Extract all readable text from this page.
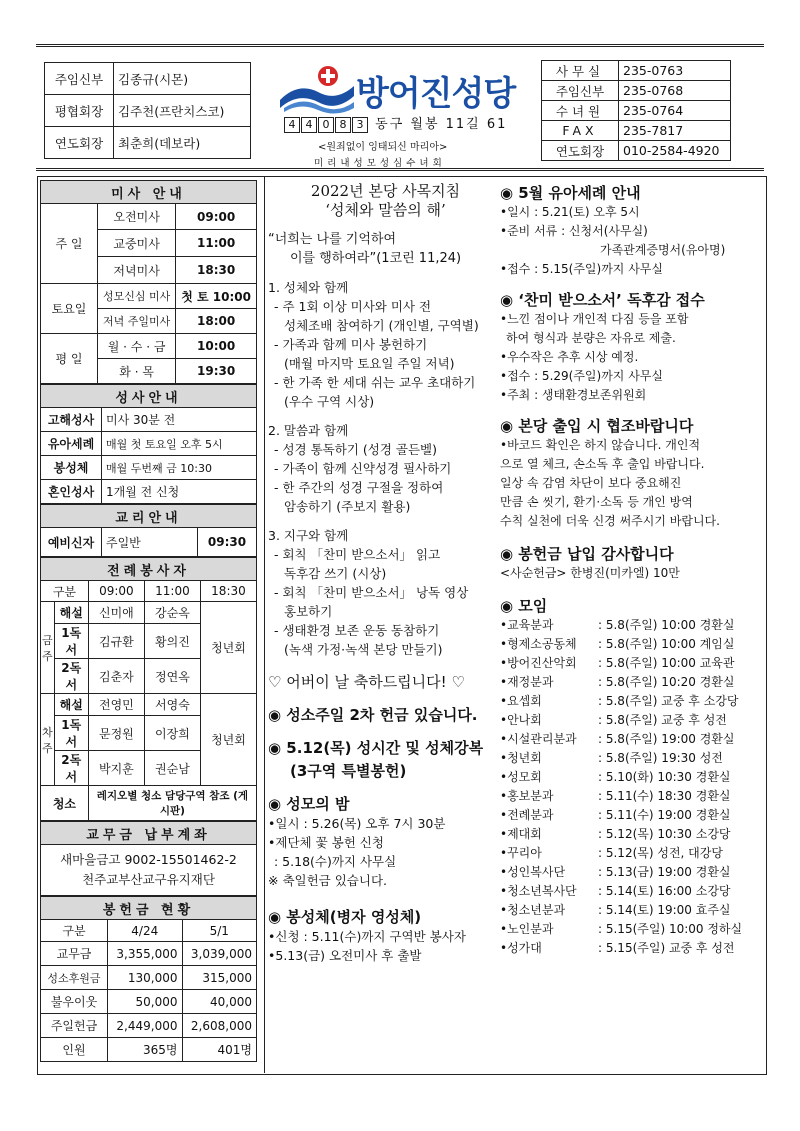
주임신부	김종규(시몬)
평협회장	김주천(프란치스코)
연도회장	최춘희(데보라)
방어진성당
4 4 0 8 3 동구 월봉 11길 61
<원죄없이 잉태되신 마리아>
미리내성모성심수녀회
사무실	235-0763
주임신부	235-0768
수녀원	235-0764
FAX	235-7817
연도회장	010-2584-4920
미사 안내		
주 일	오전미사	09:00
	교중미사	11:00
	저녁미사	18:30
토요일	성모신심 미사	첫 토 10:00
	저녁 주일미사	18:00
평 일	월 · 수 · 금	10:00
	화 · 목	19:30
성사안내	
고해성사	미사 30분 전
유아세례	매월 첫 토요일 오후 5시
봉성체	매월 두번째 금 10:30
혼인성사	1개월 전 신청
교리안내
예비신자	주일반	09:30
전례봉사자				
구분		09:00	11:00	18:30
금주	해설	신미애	강순옥	청년회
	1독서	김규환	황의진	
	2독서	김춘자	정연옥	
차주	해설	전영민	서영숙	청년회
	1독서	문정원	이장희	
	2독서	박지훈	권순남	
청소		레지오별 청소 담당구역 참조 (게시판)		
교무금 납부계좌

새마을금고 9002-15501462-2
천주교부산교구유지재단
봉헌금 현황		
구분	4/24	5/1
교무금	3,355,000	3,039,000
성소후원금	130,000	315,000
불우이웃	50,000	40,000
주일헌금	2,449,000	2,608,000
인원	365명	401명

2022년 본당 사목지침

‘성체와 말씀의 해’

“너희는 나를 기억하여

이를 행하여라”(1코린 11,24)

1. 성체와 함께

- 주 1회 이상 미사와 미사 전

성체조배 참여하기 (개인별, 구역별)

- 가족과 함께 미사 봉헌하기

(매월 마지막 토요일 주일 저녁)

- 한 가족 한 세대 쉬는 교우 초대하기

(우수 구역 시상)

2. 말씀과 함께

- 성경 통독하기 (성경 골든벨)

- 가족이 함께 신약성경 필사하기

- 한 주간의 성경 구절을 정하여

암송하기 (주보지 활용)

3. 지구와 함께

- 회칙 「찬미 받으소서」 읽고

독후감 쓰기 (시상)

- 회칙 「찬미 받으소서」 낭독 영상

홍보하기

- 생태환경 보존 운동 동참하기

(녹색 가정·녹색 본당 만들기)

♡ 어버이 날 축하드립니다! ♡

◉ 성소주일 2차 헌금 있습니다.

◉ 5.12(목) 성시간 및 성체강복

(3구역 특별봉헌)

◉ 성모의 밤

•일시 : 5.26(목) 오후 7시 30분

•제단체 꽃 봉헌 신청

: 5.18(수)까지 사무실

※ 축일헌금 있습니다.

◉ 봉성체(병자 영성체)

•신청 : 5.11(수)까지 구역반 봉사자

•5.13(금) 오전미사 후 출발

◉ 5월 유아세례 안내

•일시 : 5.21(토) 오후 5시

•준비 서류 : 신청서(사무실)

가족관계증명서(유아명)

•접수 : 5.15(주일)까지 사무실

◉ ‘찬미 받으소서’ 독후감 접수

•느낀 점이나 개인적 다짐 등을 포함

하여 형식과 분량은 자유로 제출.

•우수작은 추후 시상 예정.

•접수 : 5.29(주일)까지 사무실

•주최 : 생태환경보존위원회

◉ 본당 출입 시 협조바랍니다

•바코드 확인은 하지 않습니다. 개인적

으로 열 체크, 손소독 후 출입 바랍니다.

일상 속 감염 차단이 보다 중요해진

만큼 손 씻기, 환기·소독 등 개인 방역

수칙 실천에 더욱 신경 써주시기 바랍니다.

◉ 봉헌금 납입 감사합니다

<사순헌금> 한병진(미카엘) 10만

◉ 모임

•교육분과	: 5.8(주일) 10:00 경환실
•형제소공동체	: 5.8(주일) 10:00 계임실
•방어진산악회	: 5.8(주일) 10:00 교육관
•재정분과	: 5.8(주일) 10:20 경환실
•요셉회	: 5.8(주일) 교중 후 소강당
•안나회	: 5.8(주일) 교중 후 성전
•시설관리분과	: 5.8(주일) 19:00 경환실
•청년회	: 5.8(주일) 19:30 성전
•성모회	: 5.10(화) 10:30 경환실
•홍보분과	: 5.11(수) 18:30 경환실
•전례분과	: 5.11(수) 19:00 경환실
•제대회	: 5.12(목) 10:30 소강당
•꾸리아	: 5.12(목) 성전, 대강당
•성인복사단	: 5.13(금) 19:00 경환실
•청소년복사단	: 5.14(토) 16:00 소강당
•청소년분과	: 5.14(토) 19:00 효주실
•노인분과	: 5.15(주일) 10:00 정하실
•성가대	: 5.15(주일) 교중 후 성전
